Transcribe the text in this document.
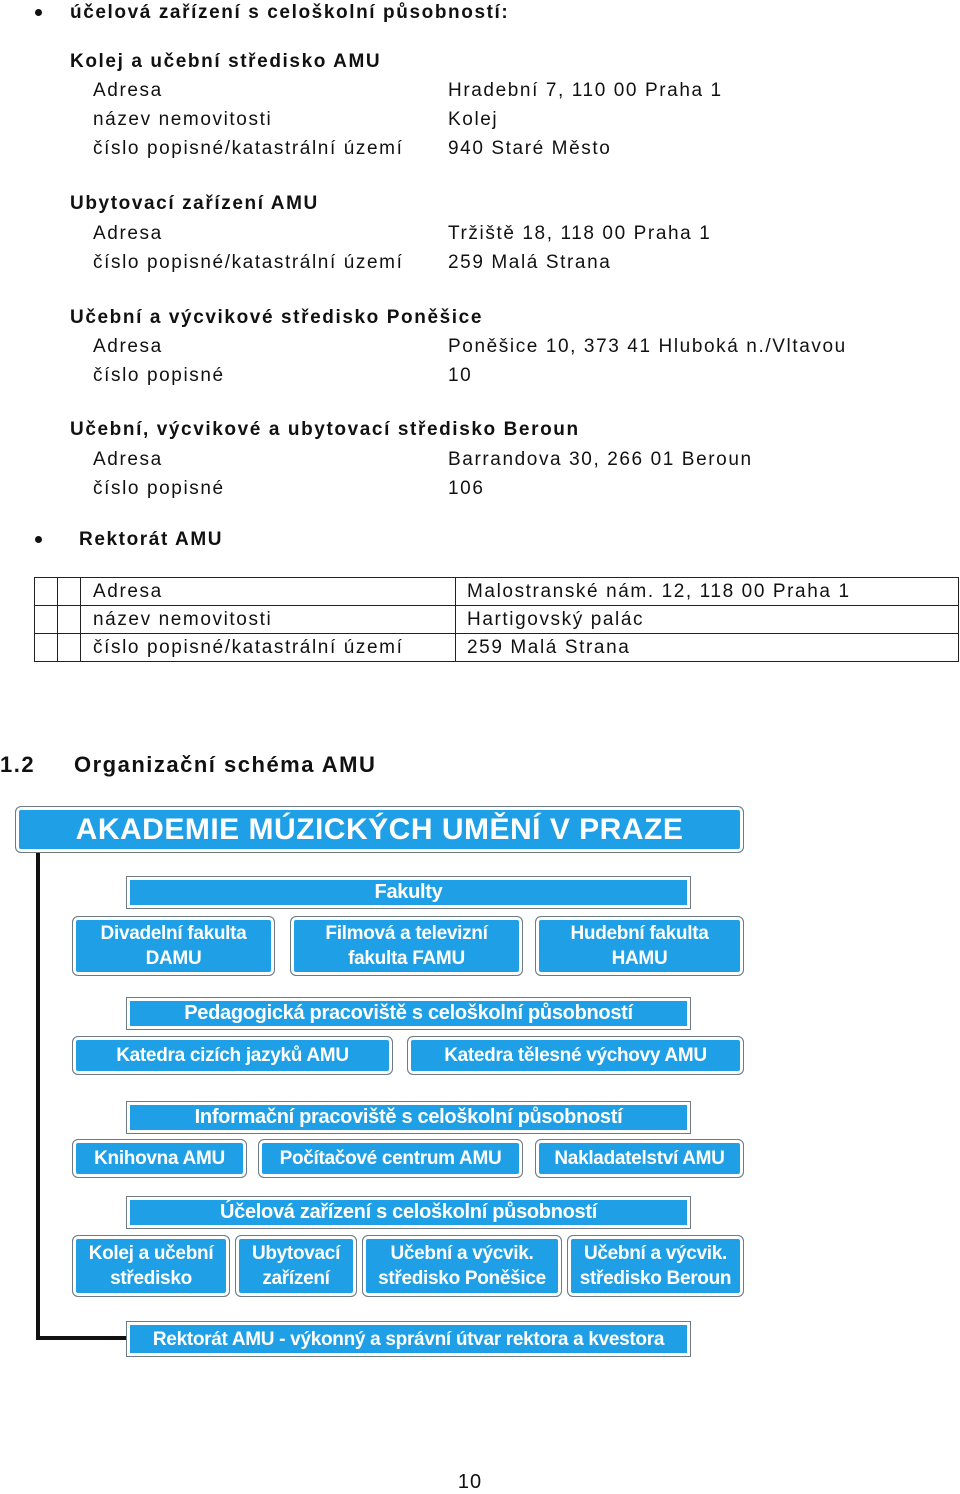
účelová zařízení s celoškolní působností:
Kolej a učební středisko AMU
Adresa	Hradební 7, 110 00 Praha 1
název nemovitosti	Kolej
číslo popisné/katastrální území 940 Staré Město
Ubytovací zařízení AMU
Adresa	Tržiště 18, 118 00 Praha 1
číslo popisné/katastrální území 259 Malá Strana
Učební a výcvikové středisko Poněšice
Adresa	Poněšice 10, 373 41 Hluboká n./Vltavou
číslo popisné	10
Učební, výcvikové a ubytovací středisko Beroun
Adresa	Barrandova 30, 266 01 Beroun
číslo popisné	106
Rektorát AMU
		Adresa	Malostranské nám. 12, 118 00 Praha 1
		název nemovitosti	Hartigovský palác
		číslo popisné/katastrální území	259 Malá Strana
1.2 Organizační schéma AMU
AKADEMIE MÚZICKÝCH UMĚNÍ V PRAZE
Fakulty
Divadelní fakulta
DAMU
Filmová a televizní
fakulta FAMU
Hudební fakulta
HAMU
Pedagogická pracoviště s celoškolní působností
Katedra cizích jazyků AMU	Katedra tělesné výchovy AMU
Informační pracoviště s celoškolní působností
Knihovna AMU	Počítačové centrum AMU	Nakladatelství AMU
Účelová zařízení s celoškolní působností
Kolej a učební
středisko
Ubytovací
zařízení
Učební a výcvik.
středisko Poněšice
Učební a výcvik.
středisko Beroun
Rektorát AMU - výkonný a správní útvar rektora a kvestora
10
